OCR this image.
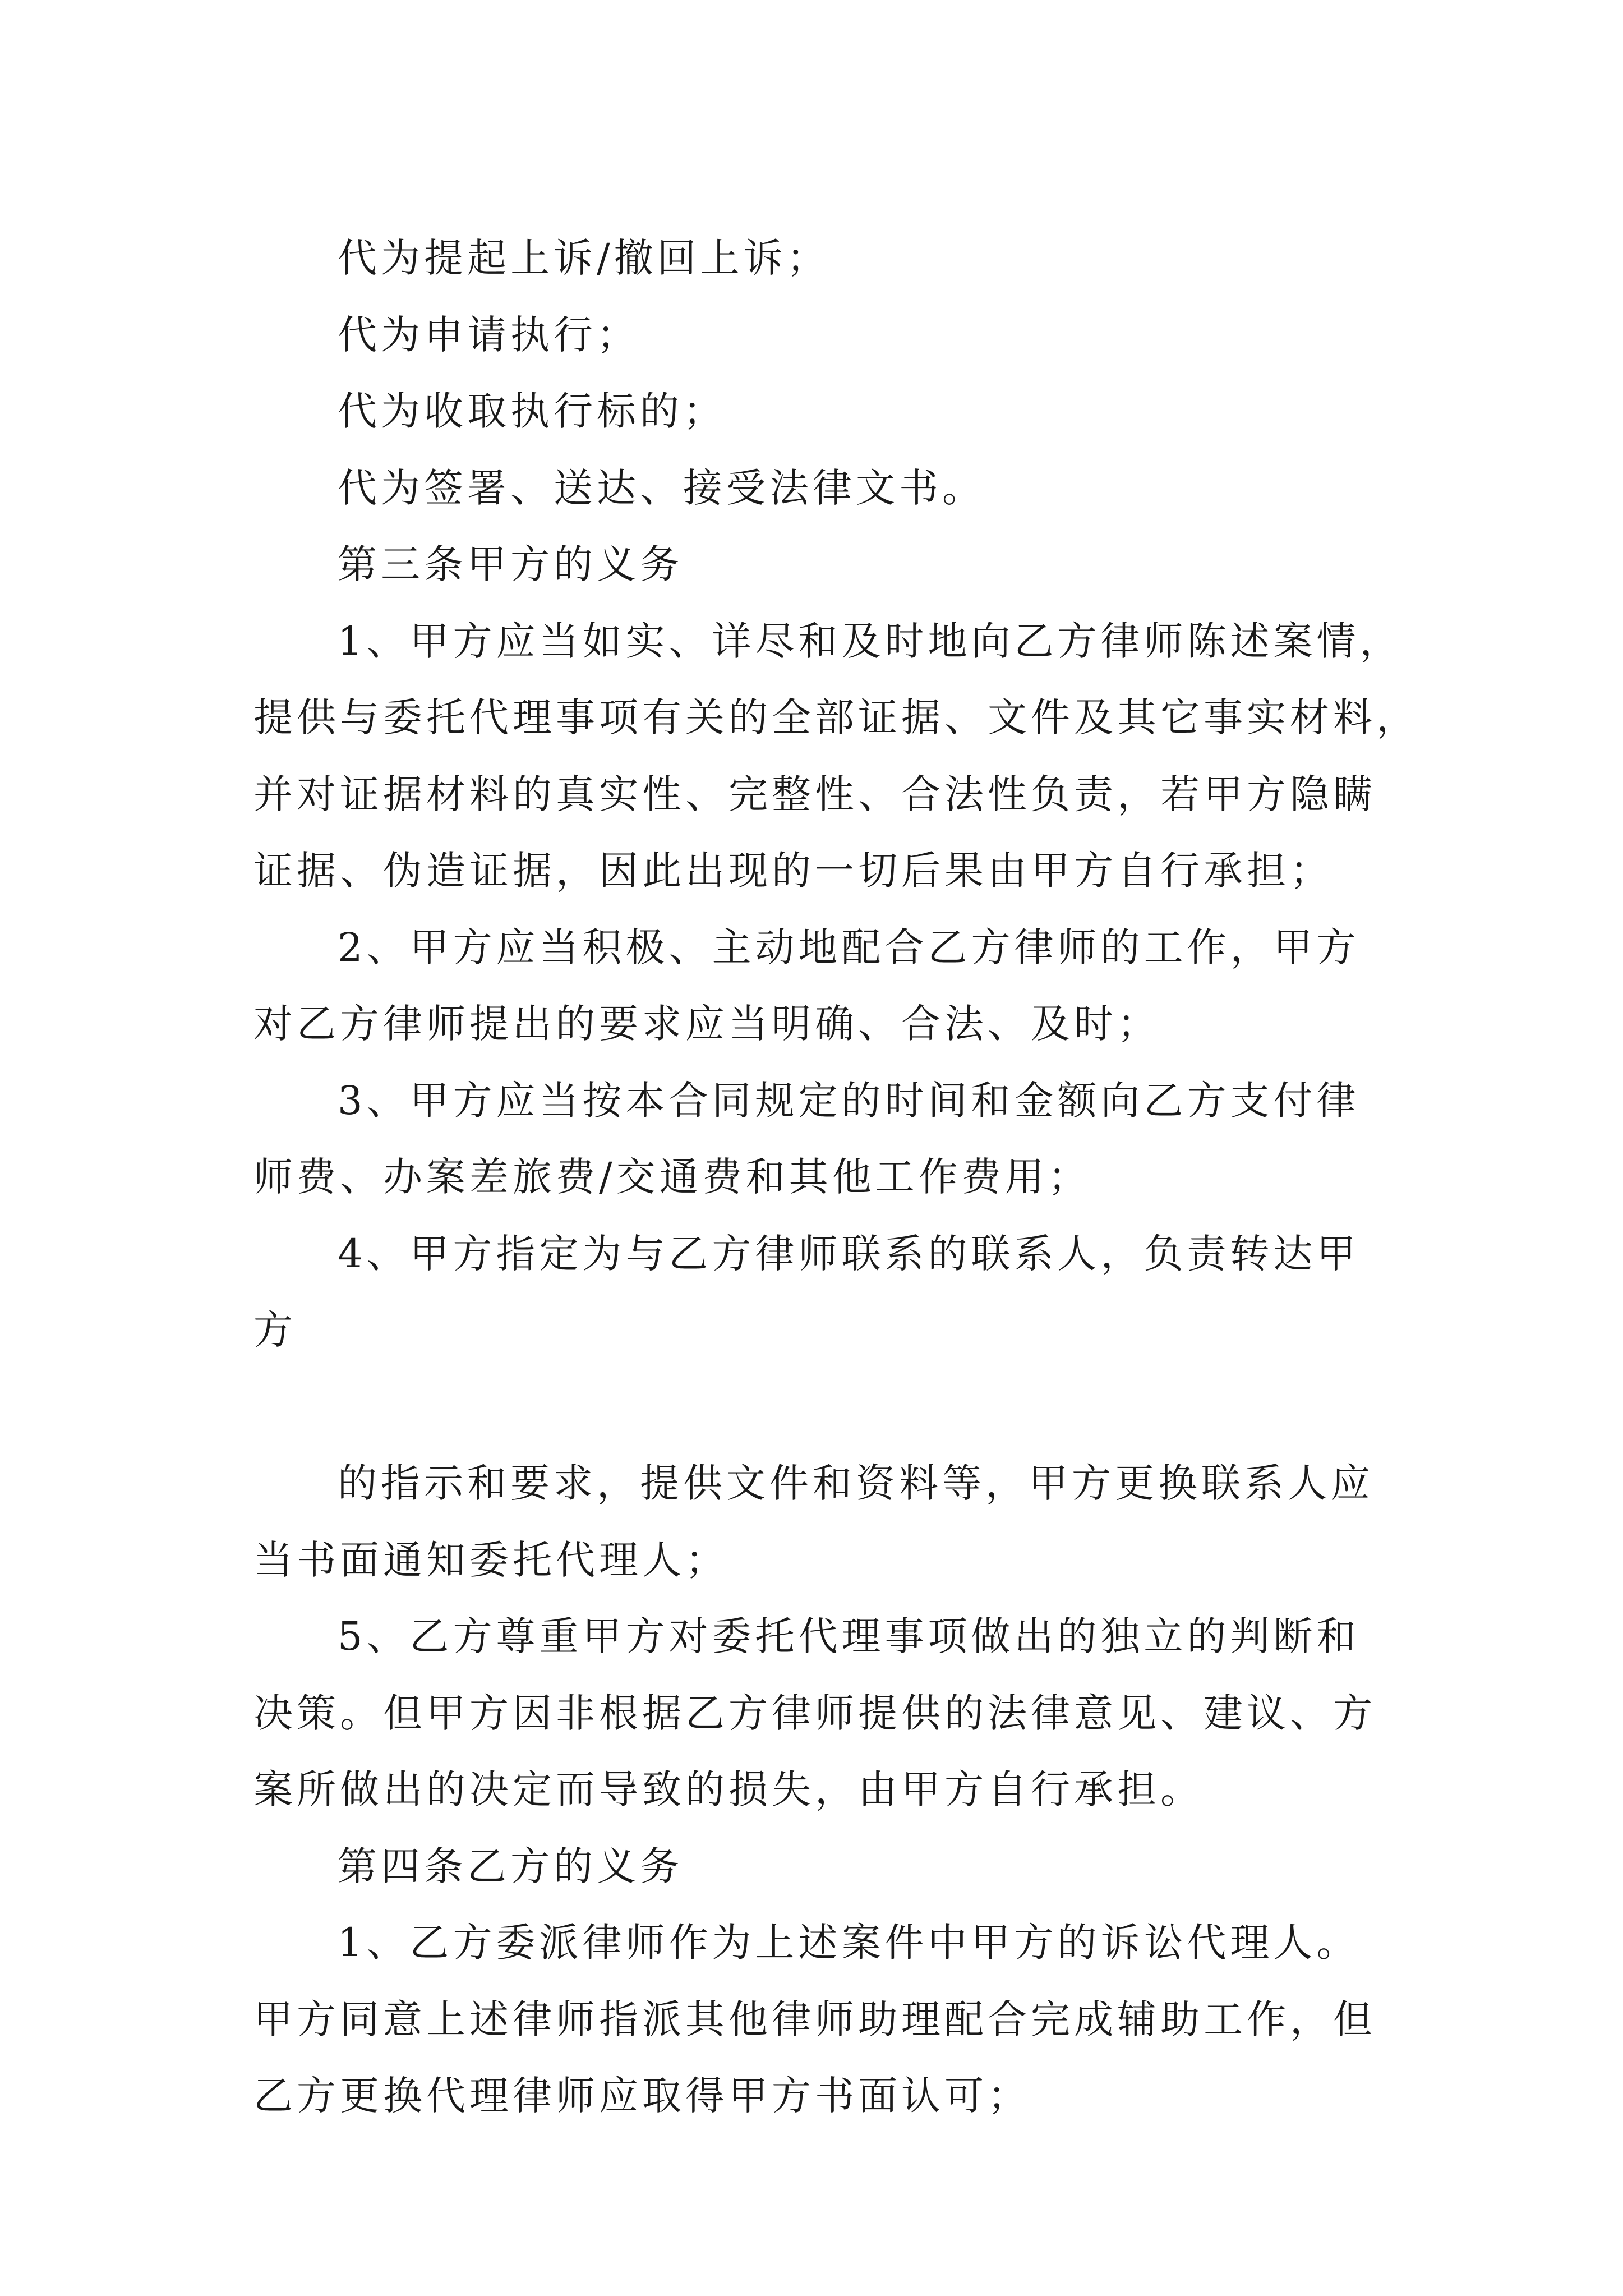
代为提起上诉/撤回上诉；
代为申请执行；
代为收取执行标的；
代为签署、送达、接受法律文书。
第三条甲方的义务
1、甲方应当如实、详尽和及时地向乙方律师陈述案情，
提供与委托代理事项有关的全部证据、文件及其它事实材料，
并对证据材料的真实性、完整性、合法性负责，若甲方隐瞒
证据、伪造证据，因此出现的一切后果由甲方自行承担；
2、甲方应当积极、主动地配合乙方律师的工作，甲方
对乙方律师提出的要求应当明确、合法、及时；
3、甲方应当按本合同规定的时间和金额向乙方支付律
师费、办案差旅费/交通费和其他工作费用；
4、甲方指定为与乙方律师联系的联系人，负责转达甲
方
的指示和要求，提供文件和资料等，甲方更换联系人应
当书面通知委托代理人；
5、乙方尊重甲方对委托代理事项做出的独立的判断和
决策。但甲方因非根据乙方律师提供的法律意见、建议、方
案所做出的决定而导致的损失，由甲方自行承担。
第四条乙方的义务
1、乙方委派律师作为上述案件中甲方的诉讼代理人。
甲方同意上述律师指派其他律师助理配合完成辅助工作，但
乙方更换代理律师应取得甲方书面认可；
